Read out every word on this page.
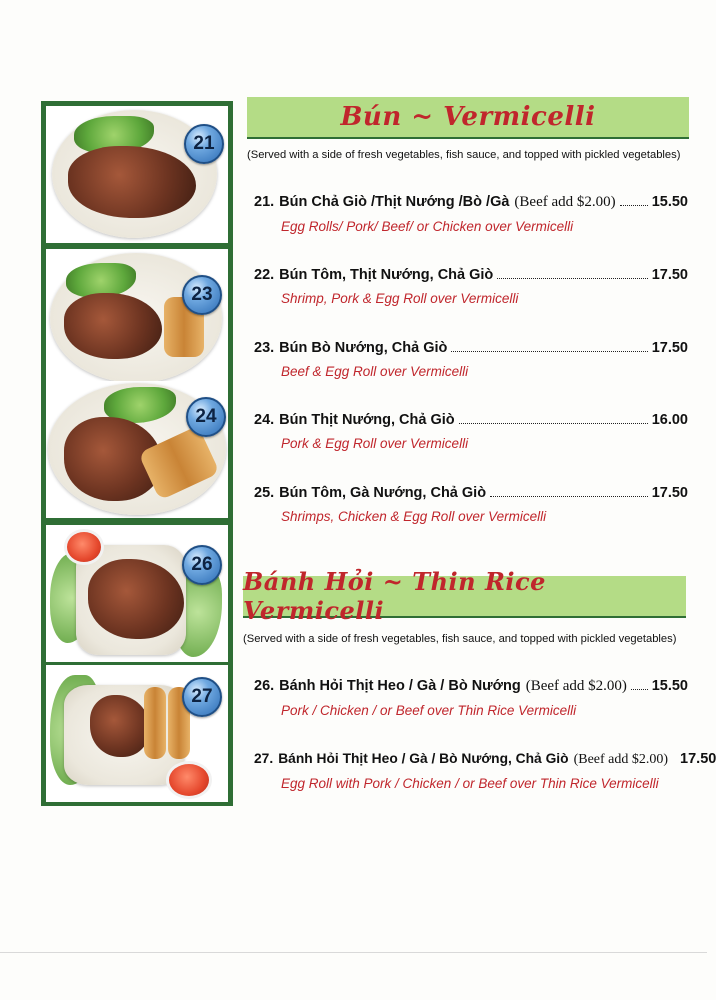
21
23
24
26
27
Bún ~ Vermicelli
(Served with a side of fresh vegetables, fish sauce, and topped with pickled vegetables)
21. Bún Chả Giò /Thịt Nướng /Bò /Gà (Beef add $2.00) 15.50
Egg Rolls/ Pork/ Beef/ or Chicken over Vermicelli
22. Bún Tôm, Thịt Nướng, Chả Giò	17.50
Shrimp, Pork & Egg Roll over Vermicelli
23. Bún Bò Nướng, Chả Giò	17.50
Beef & Egg Roll over Vermicelli
24. Bún Thịt Nướng, Chả Giò	16.00
Pork & Egg Roll over Vermicelli
25. Bún Tôm, Gà Nướng, Chả Giò	17.50
Shrimps, Chicken & Egg Roll over Vermicelli
Bánh Hỏi ~ Thin Rice Vermicelli
(Served with a side of fresh vegetables, fish sauce, and topped with pickled vegetables)
26. Bánh Hỏi Thịt Heo / Gà / Bò Nướng (Beef add $2.00) 15.50
Pork / Chicken / or Beef over Thin Rice Vermicelli
27. Bánh Hỏi Thịt Heo / Gà / Bò Nướng, Chả Giò (Beef add $2.00) 17.50
Egg Roll with Pork / Chicken / or Beef over Thin Rice Vermicelli
